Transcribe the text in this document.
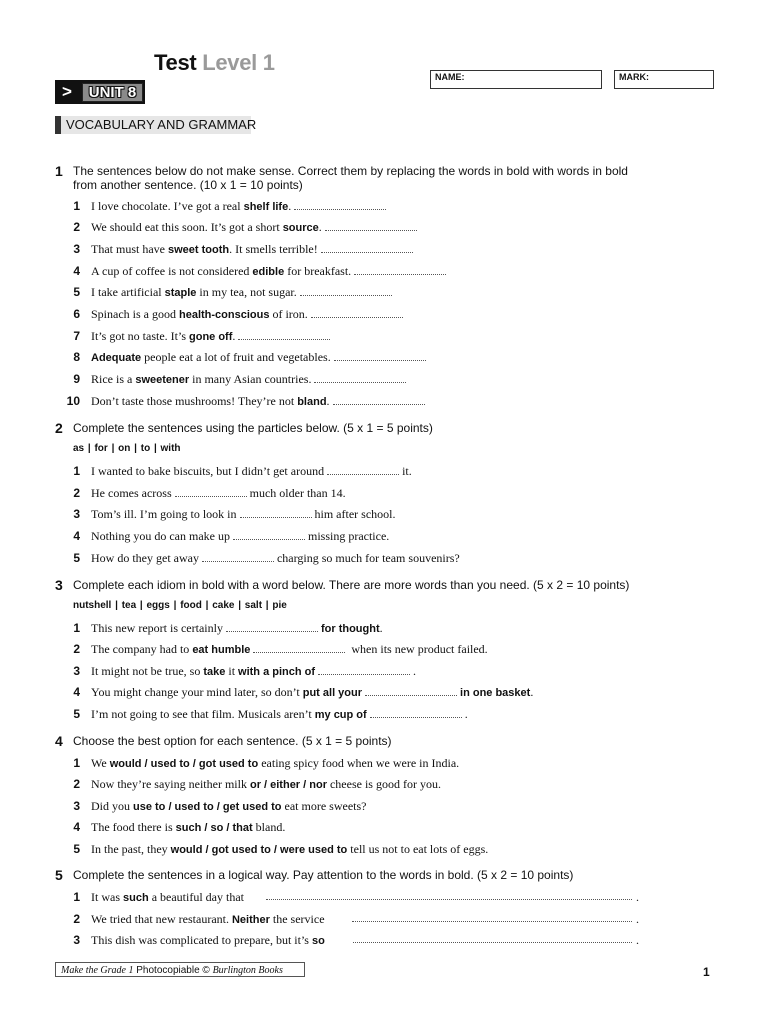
Test Level 1
>	UNIT 8
NAME:	MARK:
VOCABULARY AND GRAMMAR
1 The sentences below do not make sense. Correct them by replacing the words in bold with words in bold from another sentence. (10 x 1 = 10 points)
1 I love chocolate. I’ve got a real shelf life.
2 We should eat this soon. It’s got a short source.
3 That must have sweet tooth. It smells terrible!
4 A cup of coffee is not considered edible for breakfast.
5 I take artificial staple in my tea, not sugar.
6 Spinach is a good health-conscious of iron.
7 It’s got no taste. It’s gone off.
8 Adequate people eat a lot of fruit and vegetables.
9 Rice is a sweetener in many Asian countries.
10 Don’t taste those mushrooms! They’re not bland.
2 Complete the sentences using the particles below. (5 x 1 = 5 points)
as | for | on | to | with
1 I wanted to bake biscuits, but I didn’t get around	it.
2 He comes across	much older than 14.
3 Tom’s ill. I’m going to look in	him after school.
4 Nothing you do can make up	missing practice.
5 How do they get away	charging so much for team souvenirs?
3 Complete each idiom in bold with a word below. There are more words than you need. (5 x 2 = 10 points)
nutshell | tea | eggs | food | cake | salt | pie
1 This new report is certainly	for thought.
2 The company had to eat humble	when its new product failed.
3 It might not be true, so take it with a pinch of	.
4 You might change your mind later, so don’t put all your	in one basket.
5 I’m not going to see that film. Musicals aren’t my cup of	.
4 Choose the best option for each sentence. (5 x 1 = 5 points)
1 We would / used to / got used to eating spicy food when we were in India.
2 Now they’re saying neither milk or / either / nor cheese is good for you.
3 Did you use to / used to / get used to eat more sweets?
4 The food there is such / so / that bland.
5 In the past, they would / got used to / were used to tell us not to eat lots of eggs.
5 Complete the sentences in a logical way. Pay attention to the words in bold. (5 x 2 = 10 points)
1 It was such a beautiful day that	.
2 We tried that new restaurant. Neither the service	.
3 This dish was complicated to prepare, but it’s so	.
Make the Grade 1 Photocopiable © Burlington Books	1
